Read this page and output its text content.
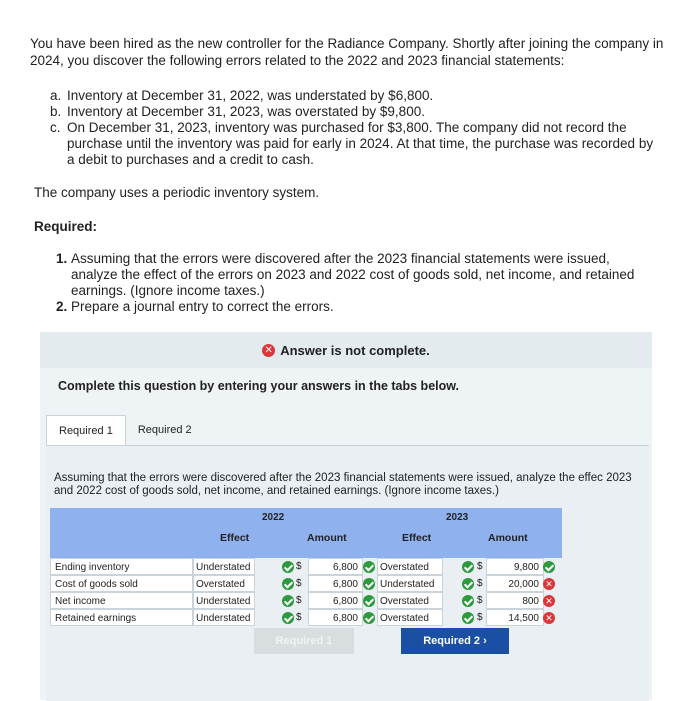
You have been hired as the new controller for the Radiance Company. Shortly after joining the company in 2024, you discover the following errors related to the 2022 and 2023 financial statements:
a. Inventory at December 31, 2022, was understated by $6,800.
b. Inventory at December 31, 2023, was overstated by $9,800.
c. On December 31, 2023, inventory was purchased for $3,800. The company did not record the purchase until the inventory was paid for early in 2024. At that time, the purchase was recorded by a debit to purchases and a credit to cash.
The company uses a periodic inventory system.
Required:
1. Assuming that the errors were discovered after the 2023 financial statements were issued, analyze the effect of the errors on 2023 and 2022 cost of goods sold, net income, and retained earnings. (Ignore income taxes.)
2. Prepare a journal entry to correct the errors.
✕ Answer is not complete.
Complete this question by entering your answers in the tabs below.
Required 1	Required 2
Assuming that the errors were discovered after the 2023 financial statements were issued, analyze the effec 2023 and 2022 cost of goods sold, net income, and retained earnings. (Ignore income taxes.)
2022	2023
Effect	Amount	Effect	Amount
Ending inventory	Understated	$	6,800	Overstated	$	9,800
Cost of goods sold	Overstated	$	6,800	Understated	$	20,000 ✕
Net income	Understated	$	6,800	Overstated	$	800 ✕
Retained earnings	Understated	$	6,800	Overstated	$	14,500 ✕
Required 1	Required 2 ›
